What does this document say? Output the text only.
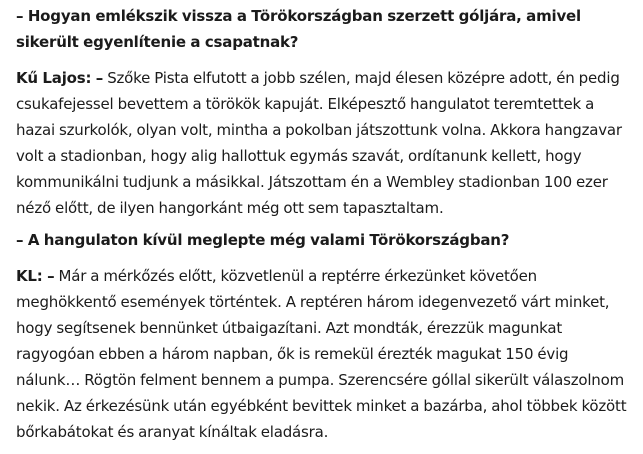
– Hogyan emlékszik vissza a Törökországban szerzett góljára, amivel sikerült egyenlítenie a csapatnak?

Kű Lajos: – Szőke Pista elfutott a jobb szélen, majd élesen középre adott, én pedig csukafejessel bevettem a törökök kapuját. Elképesztő hangulatot teremtettek a hazai szurkolók, olyan volt, mintha a pokolban játszottunk volna. Akkora hangzavar volt a stadionban, hogy alig hallottuk egymás szavát, ordítanunk kellett, hogy kommunikálni tudjunk a másikkal. Játszottam én a Wembley stadionban 100 ezer néző előtt, de ilyen hangorkánt még ott sem tapasztaltam.

– A hangulaton kívül meglepte még valami Törökországban?

KL: – Már a mérkőzés előtt, közvetlenül a reptérre érkezünket követően meghökkentő események történtek. A reptéren három idegenvezető várt minket, hogy segítsenek bennünket útbaigazítani. Azt mondták, érezzük magunkat ragyogóan ebben a három napban, ők is remekül érezték magukat 150 évig nálunk… Rögtön felment bennem a pumpa. Szerencsére góllal sikerült válaszolnom nekik. Az érkezésünk után egyébként bevittek minket a bazárba, ahol többek között bőrkabátokat és aranyat kínáltak eladásra.
